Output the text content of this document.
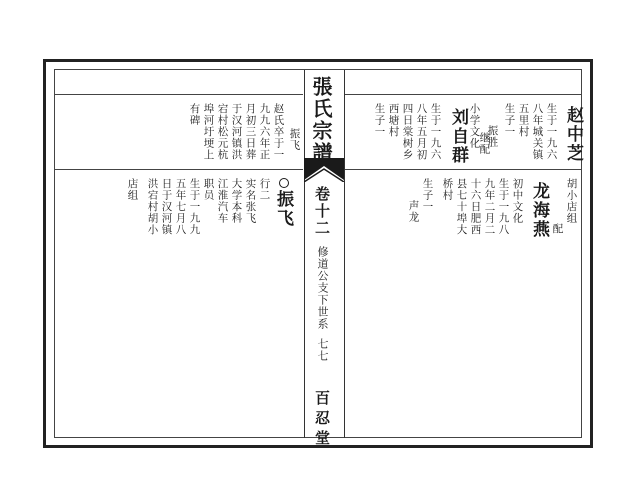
張氏宗譜
卷十二
修道公支下世系
七七
百忍堂
赵中芝
生于一九六
八年城关镇
五里村
生子一
振胜
小学文化
刘自群
生于一九六
八年五月初
四日棠树乡
西塘村
生子一
继配
胡小店组
配
龙海燕
初中文化
生于一九八
九年二月二
十六日肥西
县七十埠大
桥村
生子一
声龙
振飞
赵氏卒于一
九九六年正
月初三日葬
于汉河镇洪
宕村松元杭
埠河圩埂上
有碑
振飞
行二
实名张飞
大学本科
江淮汽车
职员
生于一九九
五年七月八
日于汉河镇
洪宕村胡小
店组
